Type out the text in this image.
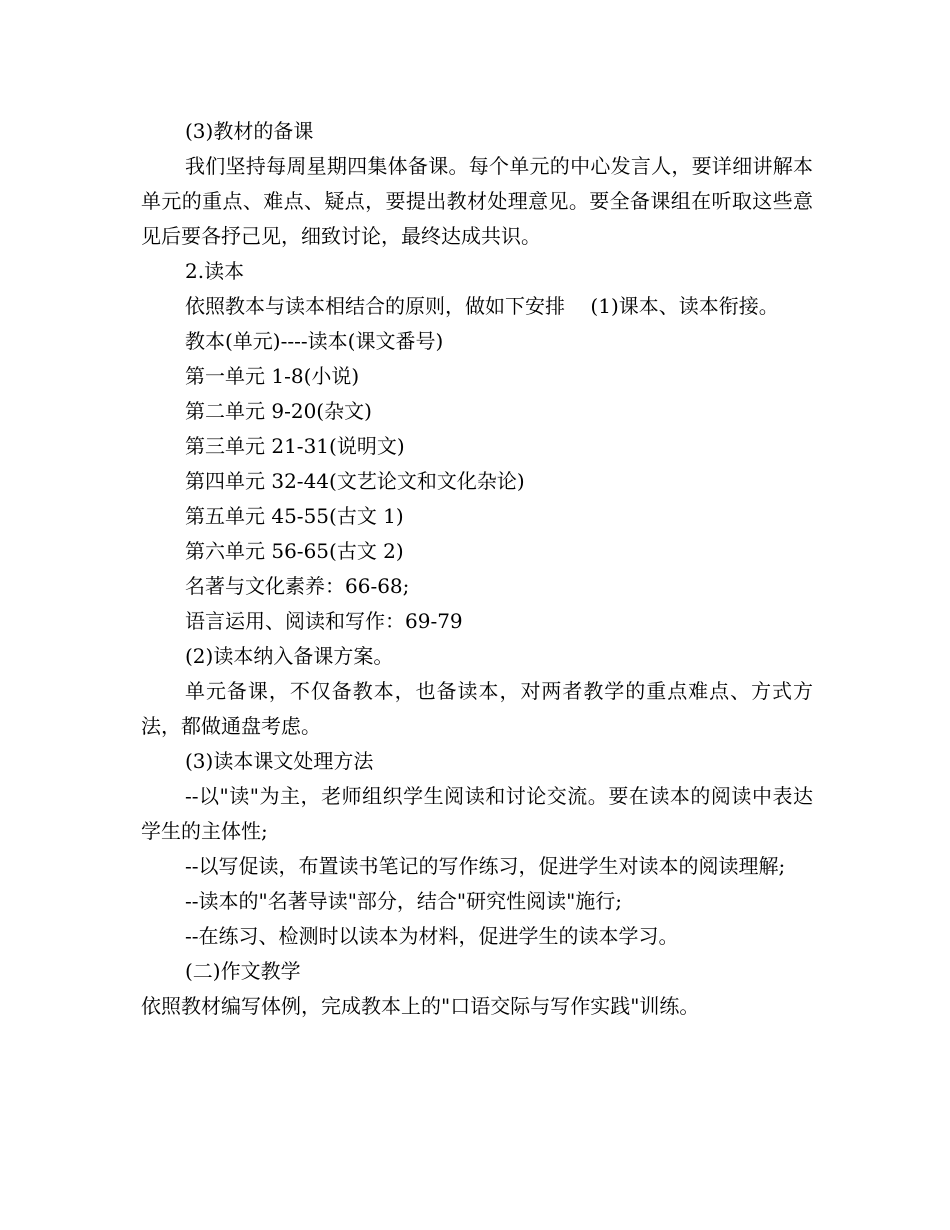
(3)教材的备课

我们坚持每周星期四集体备课。每个单元的中心发言人，要详细讲解本单元的重点、难点、疑点，要提出教材处理意见。要全备课组在听取这些意见后要各抒己见，细致讨论，最终达成共识。

2.读本

依照教本与读本相结合的原则，做如下安排    (1)课本、读本衔接。

教本(单元)----读本(课文番号)

第一单元 1-8(小说)

第二单元 9-20(杂文)

第三单元 21-31(说明文)

第四单元 32-44(文艺论文和文化杂论)

第五单元 45-55(古文 1)

第六单元 56-65(古文 2)

名著与文化素养：66-68;

语言运用、阅读和写作：69-79

(2)读本纳入备课方案。

单元备课，不仅备教本，也备读本，对两者教学的重点难点、方式方法，都做通盘考虑。

(3)读本课文处理方法

--以"读"为主，老师组织学生阅读和讨论交流。要在读本的阅读中表达学生的主体性;

--以写促读，布置读书笔记的写作练习，促进学生对读本的阅读理解;

--读本的"名著导读"部分，结合"研究性阅读"施行;

--在练习、检测时以读本为材料，促进学生的读本学习。

(二)作文教学

依照教材编写体例，完成教本上的"口语交际与写作实践"训练。
